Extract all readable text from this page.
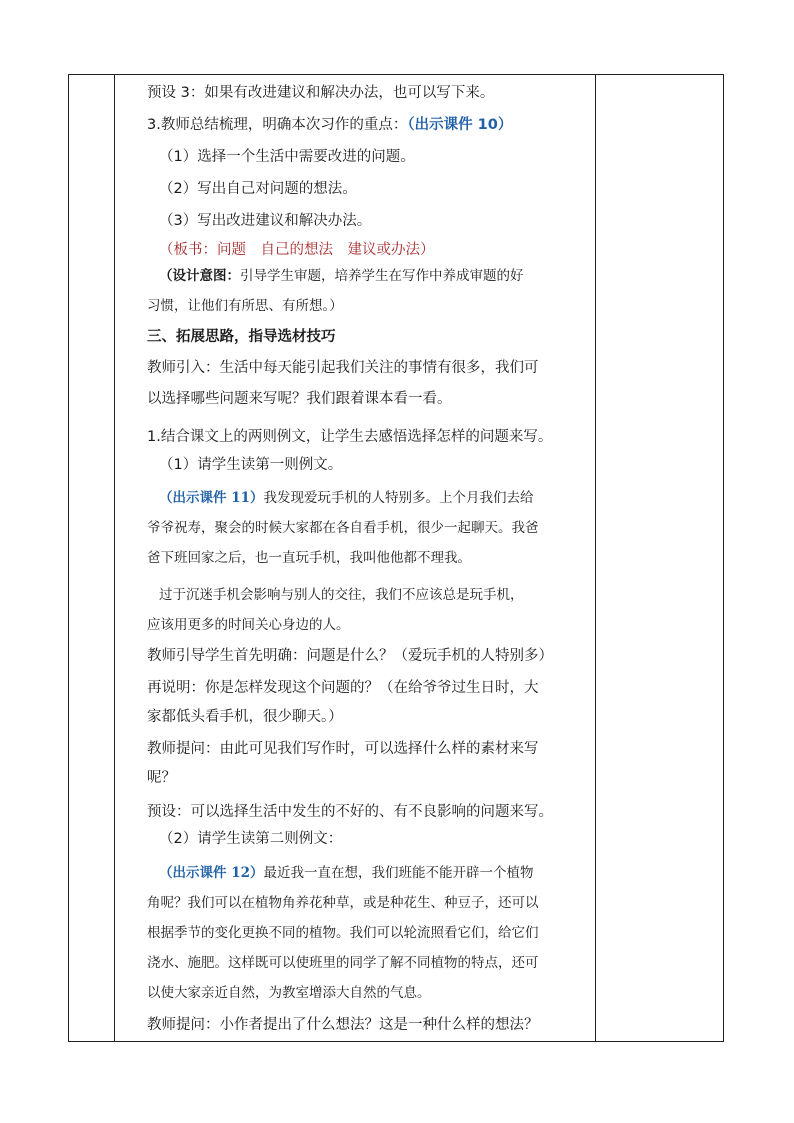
预设 3：如果有改进建议和解决办法，也可以写下来。
3.教师总结梳理，明确本次习作的重点：（出示课件 10）
（1）选择一个生活中需要改进的问题。
（2）写出自己对问题的想法。
（3）写出改进建议和解决办法。
（板书：问题　自己的想法　建议或办法）
（设计意图：引导学生审题，培养学生在写作中养成审题的好
习惯，让他们有所思、有所想。）
三、拓展思路，指导选材技巧
教师引入：生活中每天能引起我们关注的事情有很多，我们可
以选择哪些问题来写呢？我们跟着课本看一看。
1.结合课文上的两则例文，让学生去感悟选择怎样的问题来写。
（1）请学生读第一则例文。
（出示课件 11）我发现爱玩手机的人特别多。上个月我们去给
爷爷祝寿，聚会的时候大家都在各自看手机，很少一起聊天。我爸
爸下班回家之后，也一直玩手机，我叫他他都不理我。
过于沉迷手机会影响与别人的交往，我们不应该总是玩手机，
应该用更多的时间关心身边的人。
教师引导学生首先明确：问题是什么？（爱玩手机的人特别多）
再说明：你是怎样发现这个问题的？（在给爷爷过生日时，大
家都低头看手机，很少聊天。）
教师提问：由此可见我们写作时，可以选择什么样的素材来写
呢？
预设：可以选择生活中发生的不好的、有不良影响的问题来写。
（2）请学生读第二则例文：
（出示课件 12）最近我一直在想，我们班能不能开辟一个植物
角呢？我们可以在植物角养花种草，或是种花生、种豆子，还可以
根据季节的变化更换不同的植物。我们可以轮流照看它们，给它们
浇水、施肥。这样既可以使班里的同学了解不同植物的特点，还可
以使大家亲近自然，为教室增添大自然的气息。
教师提问：小作者提出了什么想法？这是一种什么样的想法？
